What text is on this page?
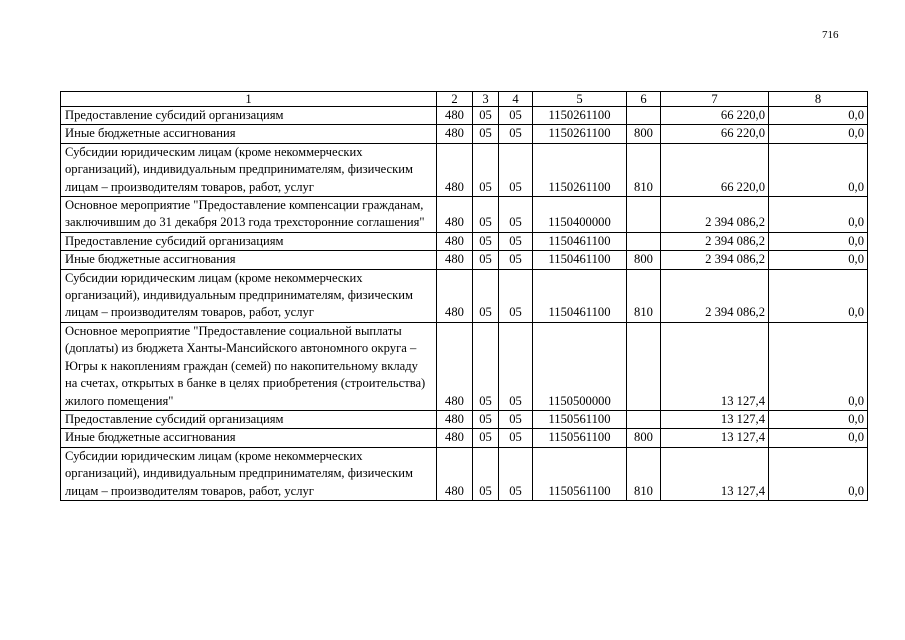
716
1	2	3	4	5	6	7	8
Предоставление субсидий организациям	480	05	05	1150261100		66 220,0	0,0
Иные бюджетные ассигнования	480	05	05	1150261100	800	66 220,0	0,0
Субсидии юридическим лицам (кроме некоммерческих организаций), индивидуальным предпринимателям, физическим лицам – производителям товаров, работ, услуг	480	05	05	1150261100	810	66 220,0	0,0
Основное мероприятие "Предоставление компенсации гражданам, заключившим до 31 декабря 2013 года трехсторонние соглашения"	480	05	05	1150400000		2 394 086,2	0,0
Предоставление субсидий организациям	480	05	05	1150461100		2 394 086,2	0,0
Иные бюджетные ассигнования	480	05	05	1150461100	800	2 394 086,2	0,0
Субсидии юридическим лицам (кроме некоммерческих организаций), индивидуальным предпринимателям, физическим лицам – производителям товаров, работ, услуг	480	05	05	1150461100	810	2 394 086,2	0,0
Основное мероприятие "Предоставление социальной выплаты (доплаты) из бюджета Ханты-Мансийского автономного округа – Югры к накоплениям граждан (семей) по накопительному вкладу на счетах, открытых в банке в целях приобретения (строительства) жилого помещения"	480	05	05	1150500000		13 127,4	0,0
Предоставление субсидий организациям	480	05	05	1150561100		13 127,4	0,0
Иные бюджетные ассигнования	480	05	05	1150561100	800	13 127,4	0,0
Субсидии юридическим лицам (кроме некоммерческих организаций), индивидуальным предпринимателям, физическим лицам – производителям товаров, работ, услуг	480	05	05	1150561100	810	13 127,4	0,0
